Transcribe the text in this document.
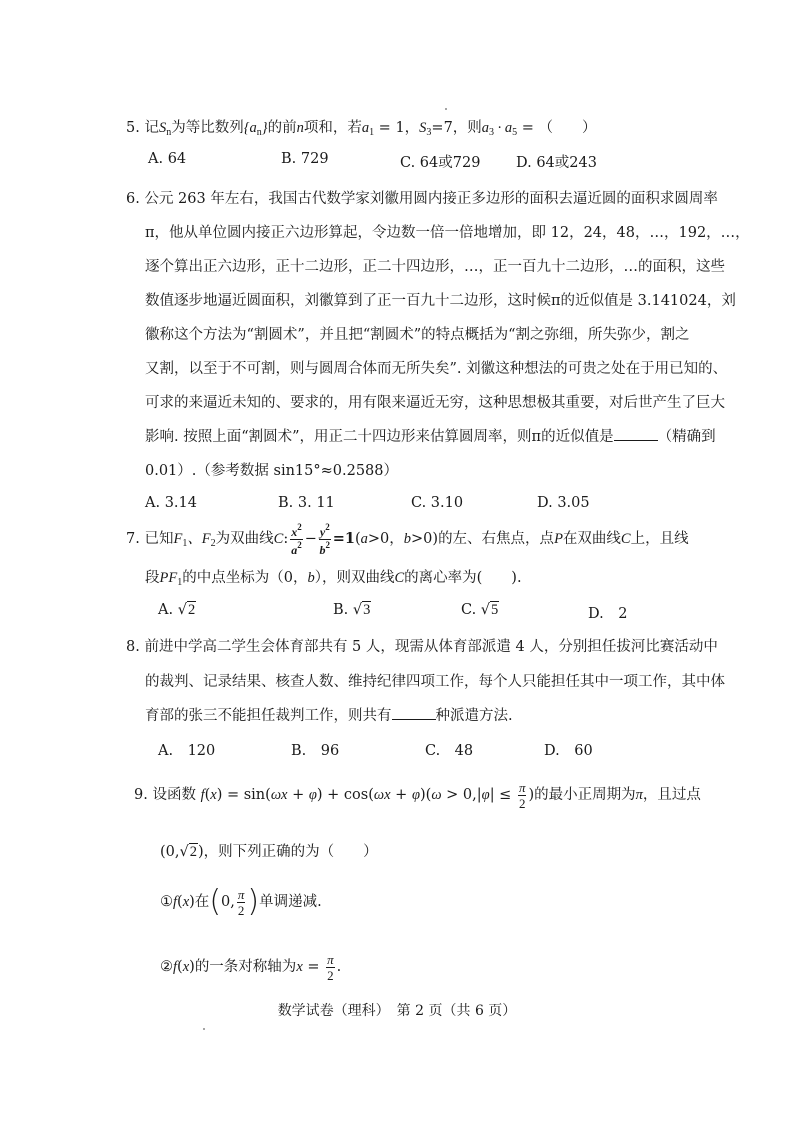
5. 记$S_n$为等比数列$\{a_n\}$的前n项和，若$a_1 = 1$，$S_3=7$，则$a_3 \cdot a_5$ = （　　）
A. 64	B. 729	C. 64或729 D. 64或243
6. 公元 263 年左右，我国古代数学家刘徽用圆内接正多边形的面积去逼近圆的面积求圆周率
π，他从单位圆内接正六边形算起，令边数一倍一倍地增加，即 12，24，48，…，192，…，
逐个算出正六边形，正十二边形，正二十四边形，…，正一百九十二边形，…的面积，这些
数值逐步地逼近圆面积，刘徽算到了正一百九十二边形，这时候π的近似值是 3.141024，刘
徽称这个方法为“割圆术”，并且把“割圆术”的特点概括为“割之弥细，所失弥少，割之
又割，以至于不可割，则与圆周合体而无所失矣”. 刘徽这种想法的可贵之处在于用已知的、
可求的来逼近未知的、要求的，用有限来逼近无穷，这种思想极其重要，对后世产生了巨大
影响. 按照上面“割圆术”，用正二十四边形来估算圆周率，则π的近似值是	（精确到
0.01）.（参考数据 sin15°≈0.2588）
A. 3.14	B. 3. 11	C. 3.10	D. 3.05
7. 已知$F_1$、$F_2$为双曲线C: $\frac{x^2}{a^2} - \frac{y^2}{b^2} =1(a>0$，b>0)的左、右焦点，点P在双曲线C上，且线
段$PF_1$的中点坐标为（0，b），则双曲线C的离心率为(　　).
A. √2	B. √3	C. √5	D.　2
8. 前进中学高二学生会体育部共有 5 人，现需从体育部派遣 4 人，分别担任拔河比赛活动中
的裁判、记录结果、核查人数、维持纪律四项工作，每个人只能担任其中一项工作，其中体
育部的张三不能担任裁判工作，则共有	种派遣方法.
A.　120	B.　96	C.　48	D.　60
9. 设函数 $f(x) = \sin(\omega x + \varphi) + \cos(\omega x + \varphi)(\omega > 0,|\varphi| \le \frac{\pi}{2}$ )的最小正周期为π，且过点
(0,√2)，则下列正确的为（　　）
①f(x)在(0, $\frac{\pi}{2}$ )单调递减.
②f(x)的一条对称轴为$x = \frac{\pi}{2}$ .
数学试卷（理科）　第 2 页（共 6 页）
